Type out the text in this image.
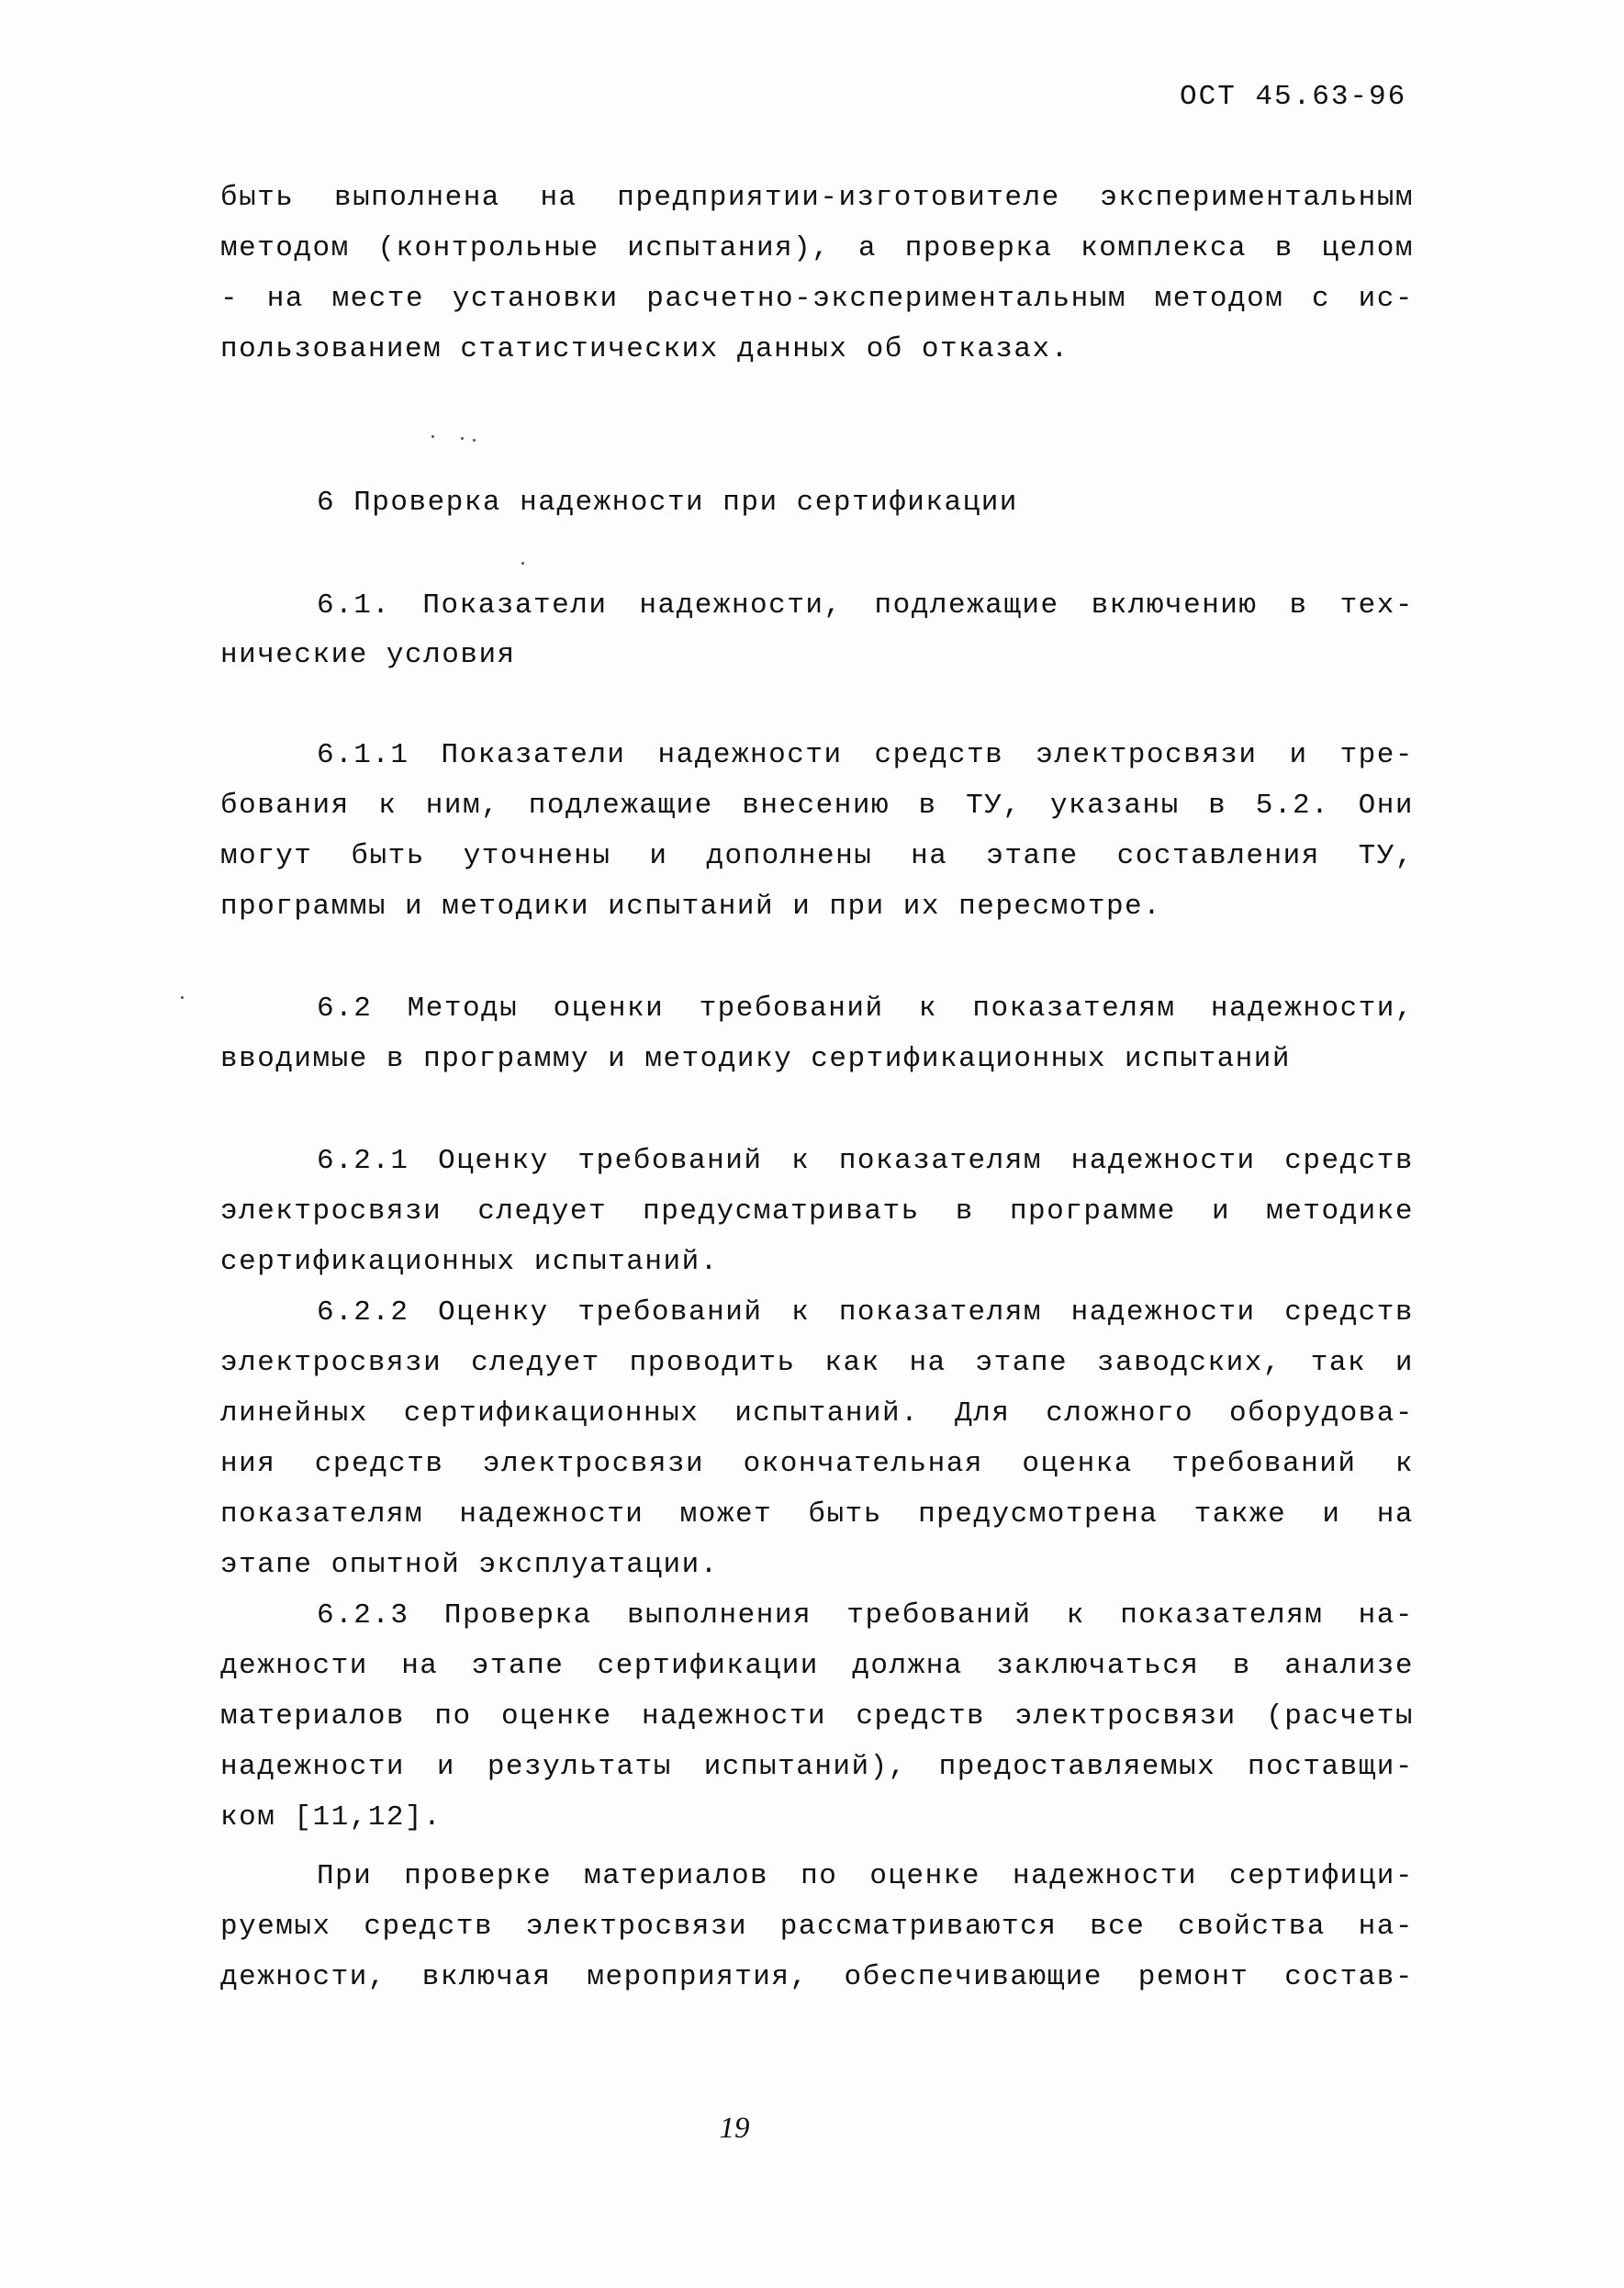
ОСТ 45.63-96
быть выполнена на предприятии-изготовителе экспериментальным
методом (контрольные испытания), а проверка комплекса в целом
- на месте установки расчетно-экспериментальным методом с ис-
пользованием статистических данных об отказах.
6 Проверка надежности при сертификации
6.1. Показатели надежности, подлежащие включению в тех-
нические условия
6.1.1 Показатели надежности средств электросвязи и тре-
бования к ним, подлежащие внесению в ТУ, указаны в 5.2. Они
могут быть уточнены и дополнены на этапе составления ТУ,
программы и методики испытаний и при их пересмотре.
6.2 Методы оценки требований к показателям надежности,
вводимые в программу и методику сертификационных испытаний
6.2.1 Оценку требований к показателям надежности средств
электросвязи следует предусматривать в программе и методике
сертификационных испытаний.
6.2.2 Оценку требований к показателям надежности средств
электросвязи следует проводить как на этапе заводских, так и
линейных сертификационных испытаний. Для сложного оборудова-
ния средств электросвязи окончательная оценка требований к
показателям надежности может быть предусмотрена также и на
этапе опытной эксплуатации.
6.2.3 Проверка выполнения требований к показателям на-
дежности на этапе сертификации должна заключаться в анализе
материалов по оценке надежности средств электросвязи (расчеты
надежности и результаты испытаний), предоставляемых поставщи-
ком [11,12].
При проверке материалов по оценке надежности сертифици-
руемых средств электросвязи рассматриваются все свойства на-
дежности, включая мероприятия, обеспечивающие ремонт состав-
19
